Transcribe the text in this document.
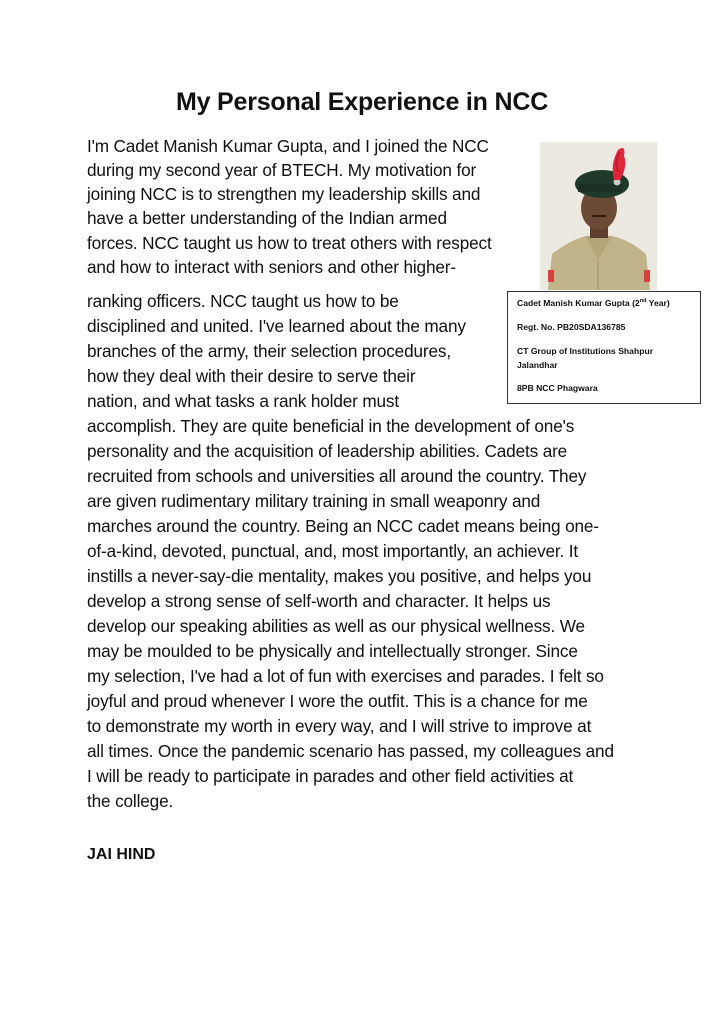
My Personal Experience in NCC
I'm Cadet Manish Kumar Gupta, and I joined the NCC
during my second year of BTECH. My motivation for
joining NCC is to strengthen my leadership skills and
have a better understanding of the Indian armed
forces. NCC taught us how to treat others with respect
and how to interact with seniors and other higher-
ranking officers. NCC taught us how to be
disciplined and united. I've learned about the many
branches of the army, their selection procedures,
how they deal with their desire to serve their
nation, and what tasks a rank holder must
accomplish. They are quite beneficial in the development of one's
personality and the acquisition of leadership abilities. Cadets are
recruited from schools and universities all around the country. They
are given rudimentary military training in small weaponry and
marches around the country. Being an NCC cadet means being one-
of-a-kind, devoted, punctual, and, most importantly, an achiever. It
instills a never-say-die mentality, makes you positive, and helps you
develop a strong sense of self-worth and character. It helps us
develop our speaking abilities as well as our physical wellness. We
may be moulded to be physically and intellectually stronger. Since
my selection, I've had a lot of fun with exercises and parades. I felt so
joyful and proud whenever I wore the outfit. This is a chance for me
to demonstrate my worth in every way, and I will strive to improve at
all times. Once the pandemic scenario has passed, my colleagues and
I will be ready to participate in parades and other field activities at
the college.
Cadet Manish Kumar Gupta (2nd Year)
Regt. No. PB20SDA136785
CT Group of Institutions Shahpur
Jalandhar
8PB NCC Phagwara
JAI HIND
